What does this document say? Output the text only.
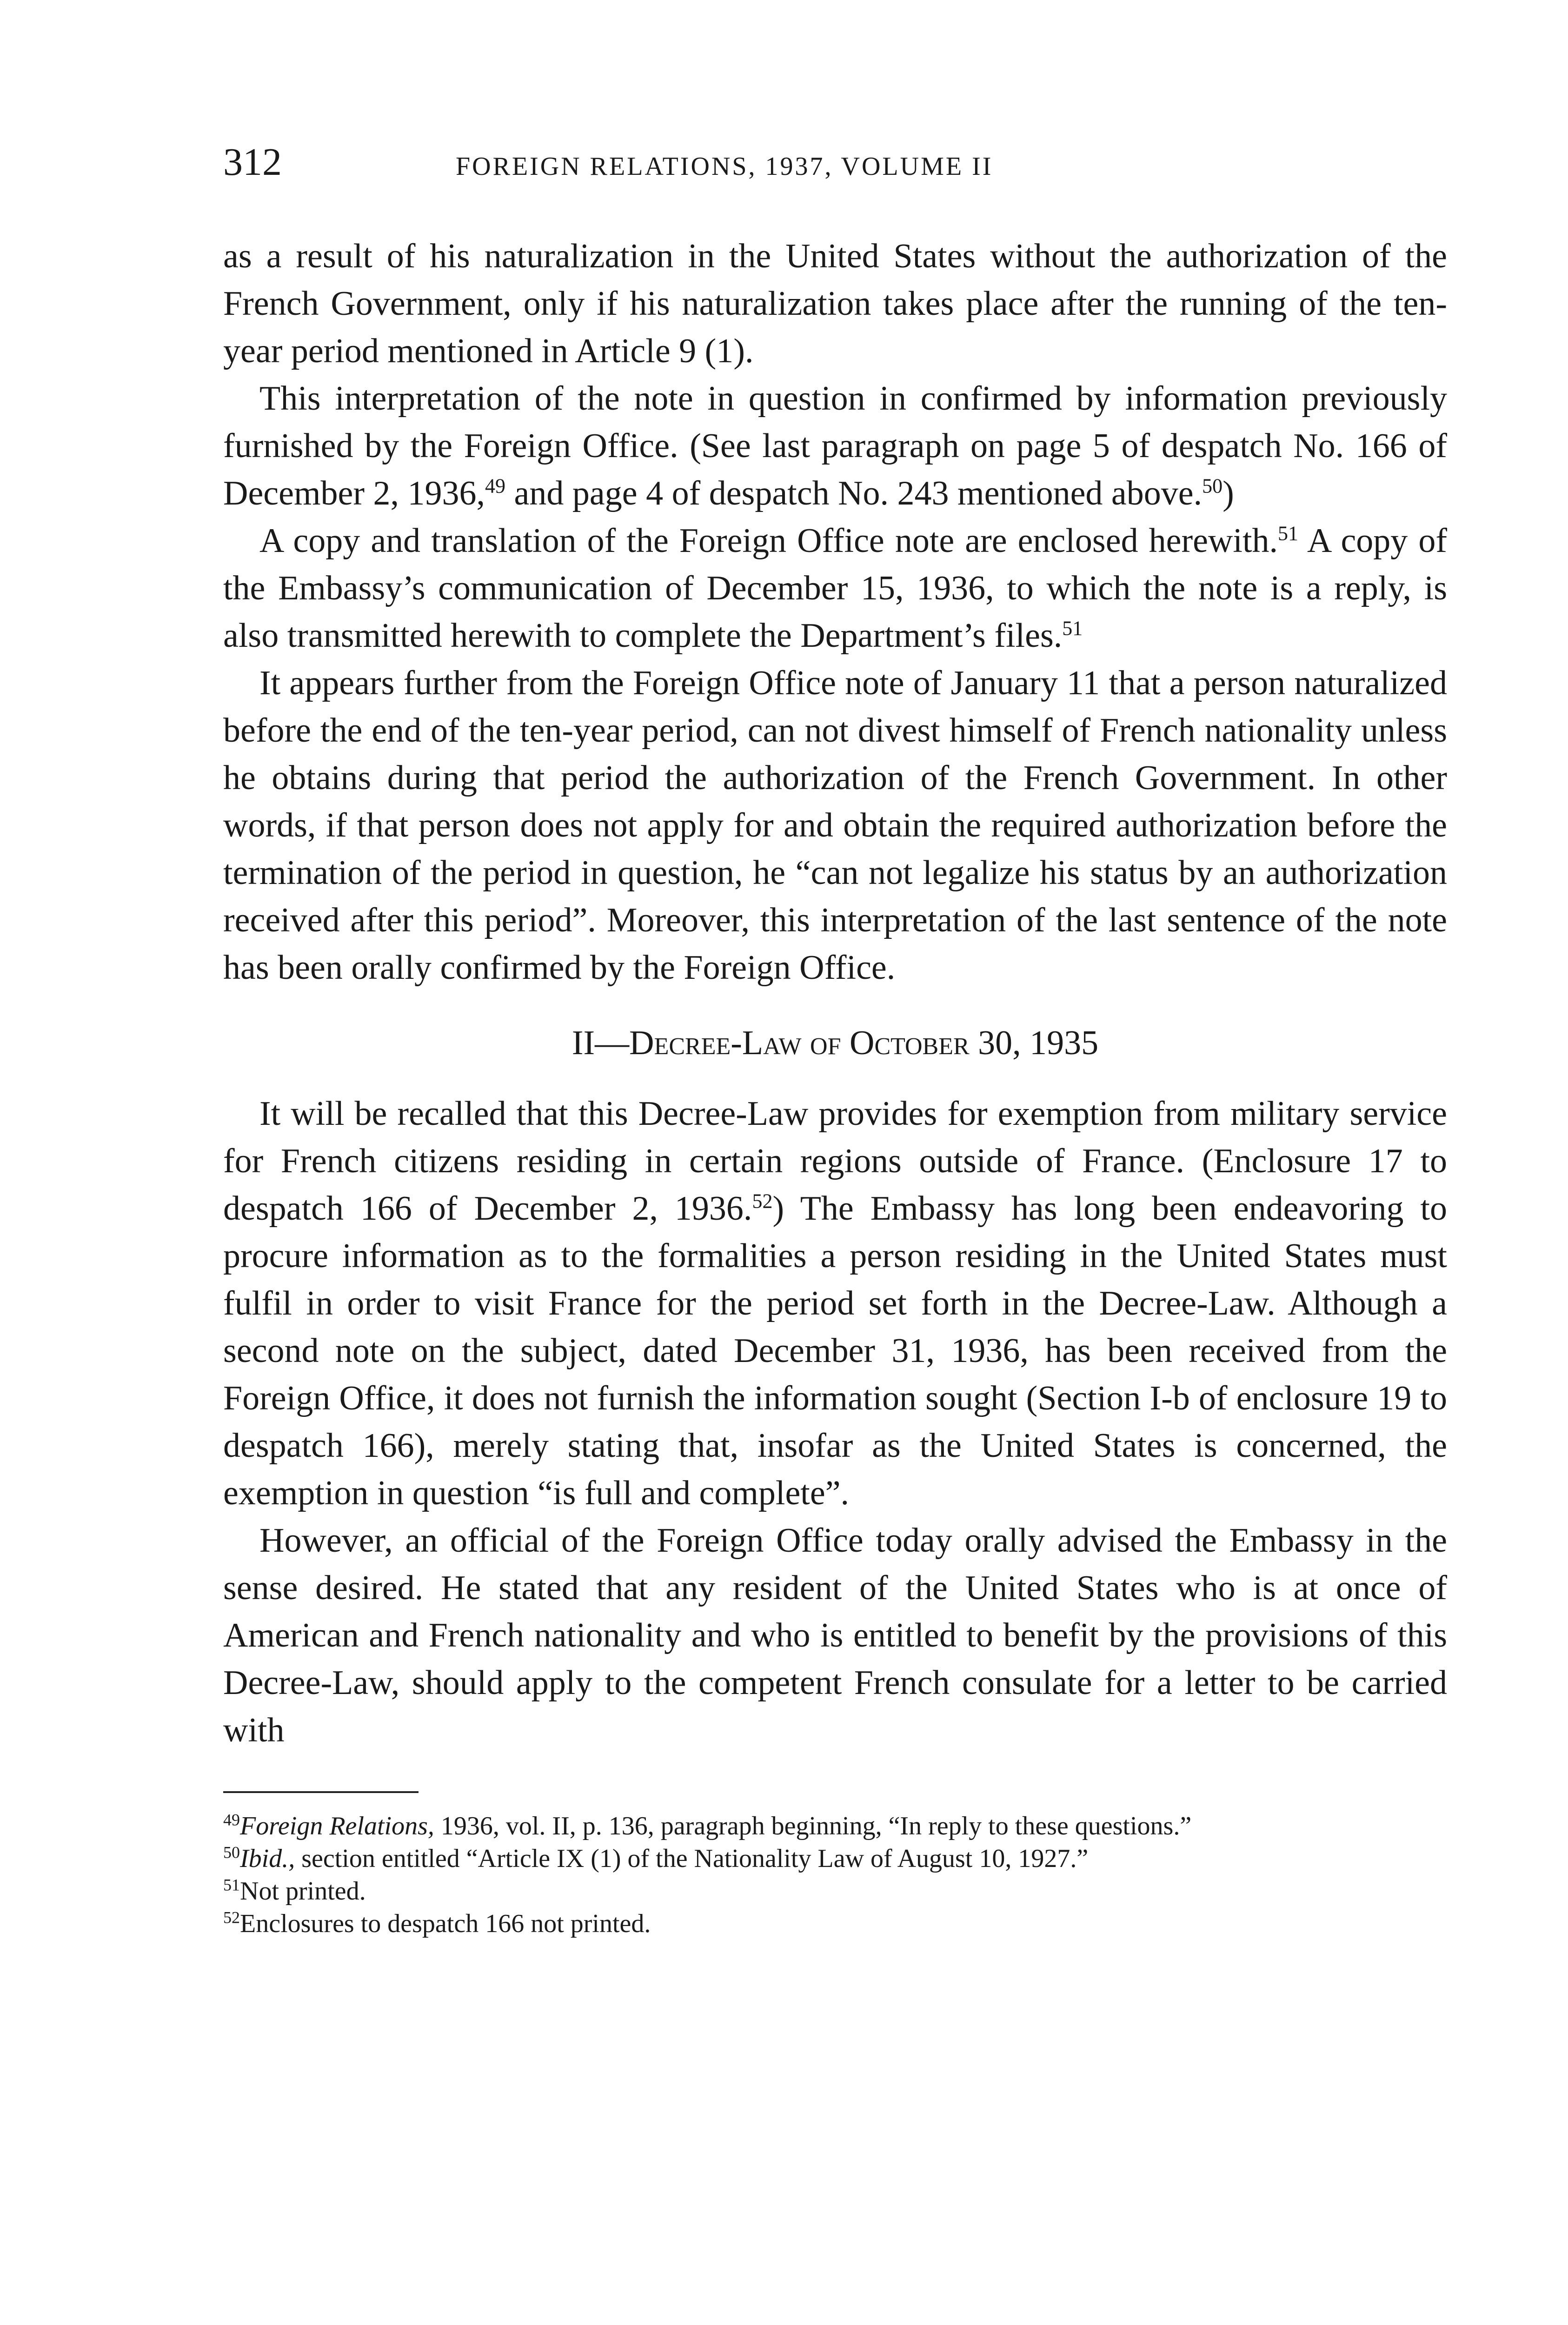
312	FOREIGN RELATIONS, 1937, VOLUME II

as a result of his naturalization in the United States without the authorization of the French Government, only if his naturalization takes place after the running of the ten-year period mentioned in Article 9 (1).

This interpretation of the note in question in confirmed by information previously furnished by the Foreign Office. (See last paragraph on page 5 of despatch No. 166 of December 2, 1936,49 and page 4 of despatch No. 243 mentioned above.$^{50}$)

A copy and translation of the Foreign Office note are enclosed herewith.$^{51}$ A copy of the Embassy’s communication of December 15, 1936, to which the note is a reply, is also transmitted herewith to complete the Department’s files.$^{51}$

It appears further from the Foreign Office note of January 11 that a person naturalized before the end of the ten-year period, can not divest himself of French nationality unless he obtains during that period the authorization of the French Government. In other words, if that person does not apply for and obtain the required authorization before the termination of the period in question, he “can not legalize his status by an authorization received after this period”. Moreover, this interpretation of the last sentence of the note has been orally confirmed by the Foreign Office.

II—Decree-Law of October 30, 1935

It will be recalled that this Decree-Law provides for exemption from military service for French citizens residing in certain regions outside of France. (Enclosure 17 to despatch 166 of December 2, 1936.52) The Embassy has long been endeavoring to procure information as to the formalities a person residing in the United States must fulfil in order to visit France for the period set forth in the Decree-Law. Although a second note on the subject, dated December 31, 1936, has been received from the Foreign Office, it does not furnish the information sought (Section I-b of enclosure 19 to despatch 166), merely stating that, insofar as the United States is concerned, the exemption in question “is full and complete”.

However, an official of the Foreign Office today orally advised the Embassy in the sense desired. He stated that any resident of the United States who is at once of American and French nationality and who is entitled to benefit by the provisions of this Decree-Law, should apply to the competent French consulate for a letter to be carried with

$^{49}$Foreign Relations, 1936, vol. II, p. 136, paragraph beginning, “In reply to these questions.”

$^{50}$Ibid., section entitled “Article IX (1) of the Nationality Law of August 10, 1927.”

$^{51}$Not printed.

$^{52}$Enclosures to despatch 166 not printed.
